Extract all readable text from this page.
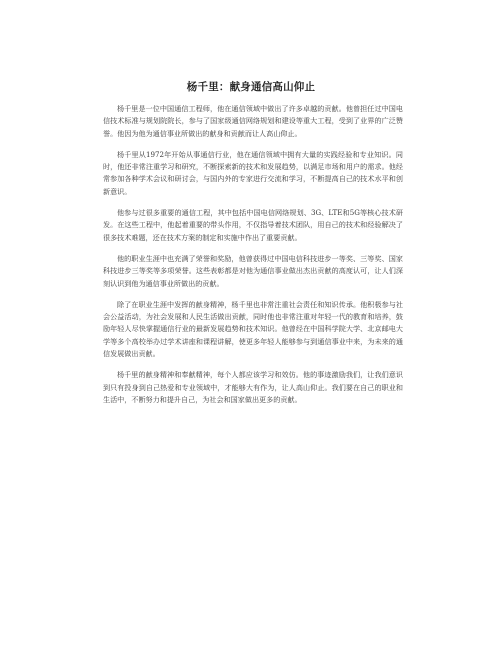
杨千里：献身通信高山仰止

杨千里是一位中国通信工程师，他在通信领域中做出了许多卓越的贡献。他曾担任过中国电信技术标准与规划院院长，参与了国家级通信网络规划和建设等重大工程，受到了业界的广泛赞誉。他因为他为通信事业所做出的献身和贡献而让人高山仰止。

杨千里从1972年开始从事通信行业，他在通信领域中拥有大量的实践经验和专业知识。同时，他还非常注重学习和研究，不断探索新的技术和发展趋势，以满足市场和用户的需求。他经常参加各种学术会议和研讨会，与国内外的专家进行交流和学习，不断提高自己的技术水平和创新意识。

他参与过很多重要的通信工程，其中包括中国电信网络规划、3G、LTE和5G等核心技术研发。在这些工程中，他起着重要的带头作用，不仅指导着技术团队，用自己的技术和经验解决了很多技术难题，还在技术方案的制定和实施中作出了重要贡献。

他的职业生涯中也充满了荣誉和奖励，他曾获得过中国电信科技进步一等奖、三等奖、国家科技进步三等奖等多项荣誉。这些表彰都是对他为通信事业做出杰出贡献的高度认可，让人们深刻认识到他为通信事业所做出的贡献。

除了在职业生涯中发挥的献身精神，杨千里也非常注重社会责任和知识传承。他积极参与社会公益活动，为社会发展和人民生活做出贡献，同时他也非常注重对年轻一代的教育和培养，鼓励年轻人尽快掌握通信行业的最新发展趋势和技术知识。他曾经在中国科学院大学、北京邮电大学等多个高校举办过学术讲座和课程讲解，使更多年轻人能够参与到通信事业中来，为未来的通信发展做出贡献。

杨千里的献身精神和奉献精神，每个人都应该学习和效仿。他的事迹激励我们，让我们意识到只有投身到自己热爱和专业领域中，才能够大有作为，让人高山仰止。我们要在自己的职业和生活中，不断努力和提升自己，为社会和国家做出更多的贡献。
